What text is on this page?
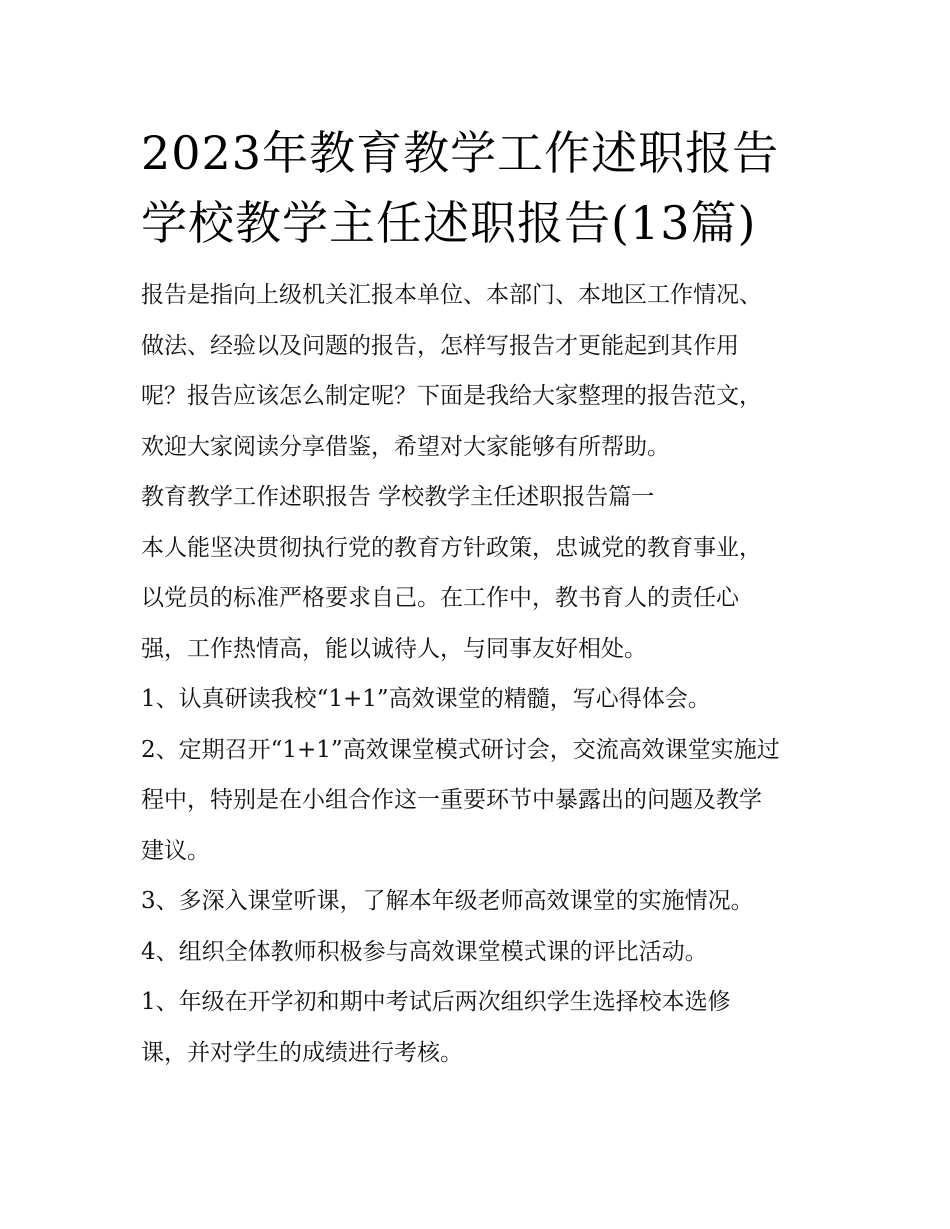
2023年教育教学工作述职报告
学校教学主任述职报告(13篇)

报告是指向上级机关汇报本单位、本部门、本地区工作情况、

做法、经验以及问题的报告，怎样写报告才更能起到其作用

呢？报告应该怎么制定呢？下面是我给大家整理的报告范文，

欢迎大家阅读分享借鉴，希望对大家能够有所帮助。

教育教学工作述职报告 学校教学主任述职报告篇一

本人能坚决贯彻执行党的教育方针政策，忠诚党的教育事业，

以党员的标准严格要求自己。在工作中，教书育人的责任心

强，工作热情高，能以诚待人，与同事友好相处。

1、认真研读我校“1+1”高效课堂的精髓，写心得体会。

2、定期召开“1+1”高效课堂模式研讨会，交流高效课堂实施过

程中，特别是在小组合作这一重要环节中暴露出的问题及教学

建议。

3、多深入课堂听课，了解本年级老师高效课堂的实施情况。

4、组织全体教师积极参与高效课堂模式课的评比活动。

1、年级在开学初和期中考试后两次组织学生选择校本选修

课，并对学生的成绩进行考核。
